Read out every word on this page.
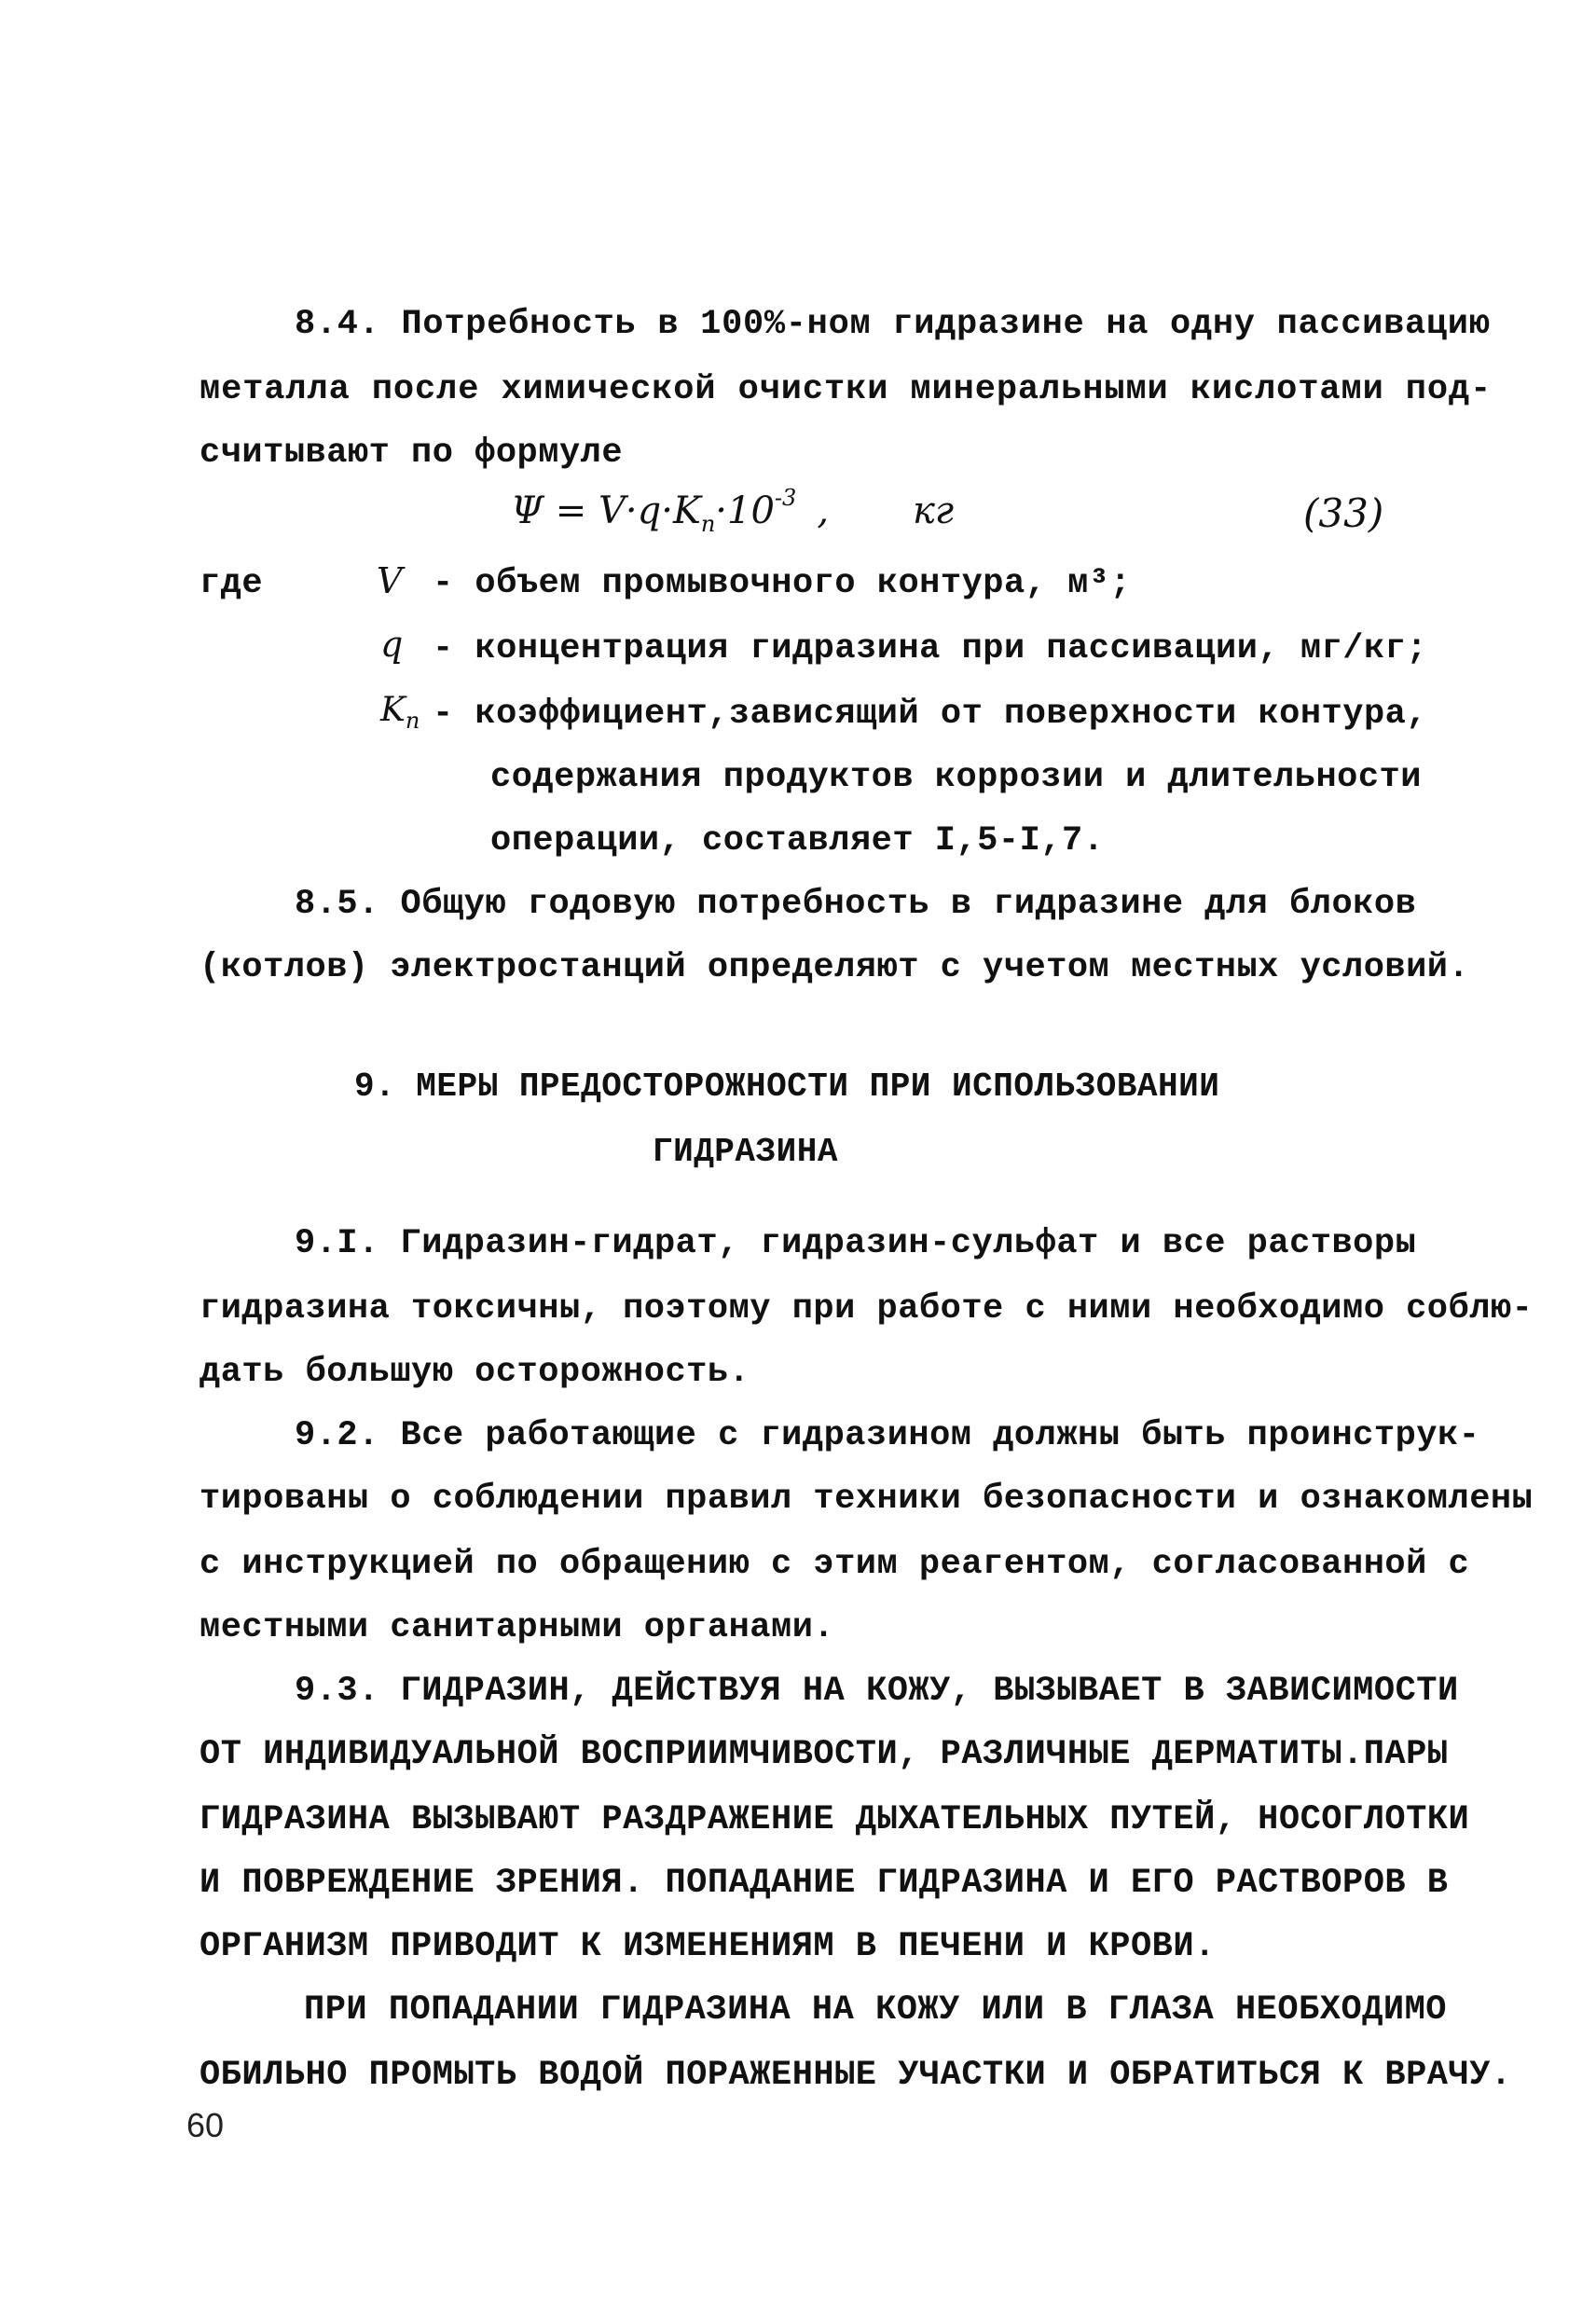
8.4. Потребность в 100%-ном гидразине на одну пассивацию
металла после химической очистки минеральными кислотами под-
считывают по формуле
$\Psi = V\cdot q\cdot K_n\cdot 10^{-3}$ , кг	(33)
где	V - объем промывочного контура, м³;
q - концентрация гидразина при пассивации, мг/кг;
$K_n$ - коэффициент,зависящий от поверхности контура,
содержания продуктов коррозии и длительности
операции, составляет I,5-I,7.
8.5. Общую годовую потребность в гидразине для блоков
(котлов) электростанций определяют с учетом местных условий.
9. МЕРЫ ПРЕДОСТОРОЖНОСТИ ПРИ ИСПОЛЬЗОВАНИИ
ГИДРАЗИНА
9.I. Гидразин-гидрат, гидразин-сульфат и все растворы
гидразина токсичны, поэтому при работе с ними необходимо соблю-
дать большую осторожность.
9.2. Все работающие с гидразином должны быть проинструк-
тированы о соблюдении правил техники безопасности и ознакомлены
с инструкцией по обращению с этим реагентом, согласованной с
местными санитарными органами.
9.3. ГИДРАЗИН, ДЕЙСТВУЯ НА КОЖУ, ВЫЗЫВАЕТ В ЗАВИСИМОСТИ
ОТ ИНДИВИДУАЛЬНОЙ ВОСПРИИМЧИВОСТИ, РАЗЛИЧНЫЕ ДЕРМАТИТЫ.ПАРЫ
ГИДРАЗИНА ВЫЗЫВАЮТ РАЗДРАЖЕНИЕ ДЫХАТЕЛЬНЫХ ПУТЕЙ, НОСОГЛОТКИ
И ПОВРЕЖДЕНИЕ ЗРЕНИЯ. ПОПАДАНИЕ ГИДРАЗИНА И ЕГО РАСТВОРОВ В
ОРГАНИЗМ ПРИВОДИТ К ИЗМЕНЕНИЯМ В ПЕЧЕНИ И КРОВИ.
ПРИ ПОПАДАНИИ ГИДРАЗИНА НА КОЖУ ИЛИ В ГЛАЗА НЕОБХОДИМО
ОБИЛЬНО ПРОМЫТЬ ВОДОЙ ПОРАЖЕННЫЕ УЧАСТКИ И ОБРАТИТЬСЯ К ВРАЧУ.
60
